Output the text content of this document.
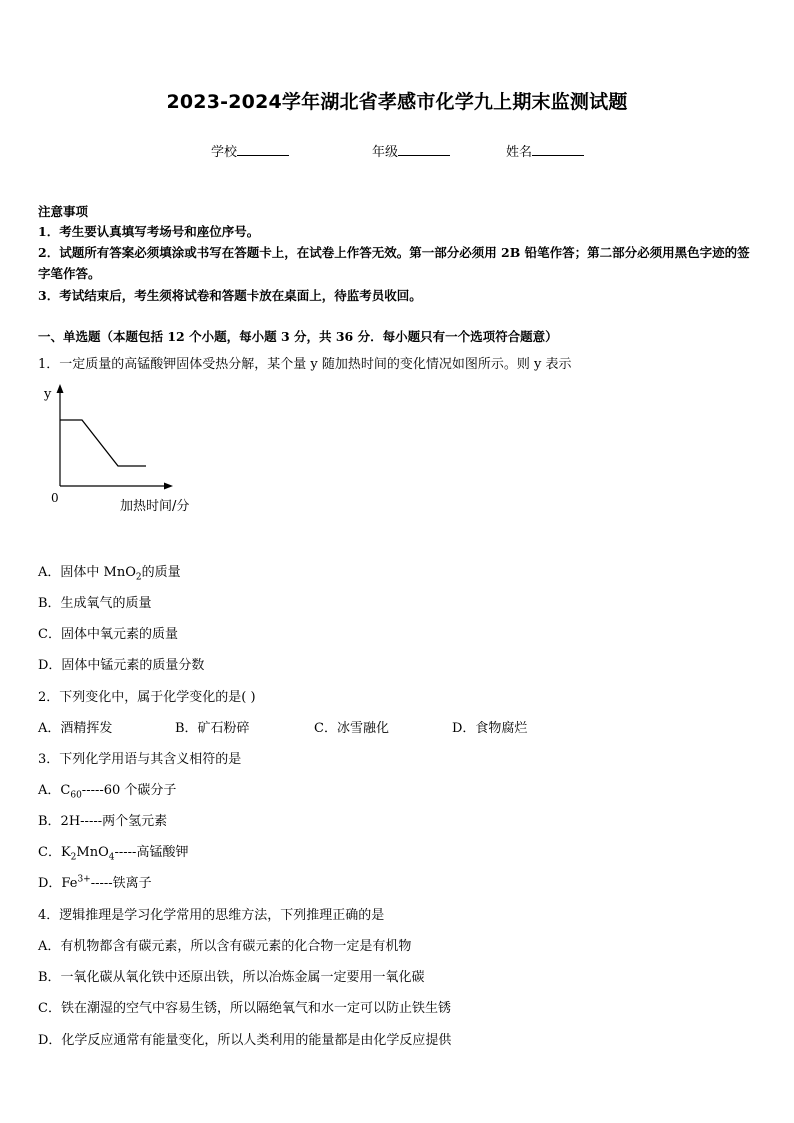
2023-2024学年湖北省孝感市化学九上期末监测试题
学校	年级	姓名
注意事项
1．考生要认真填写考场号和座位序号。
2．试题所有答案必须填涂或书写在答题卡上，在试卷上作答无效。第一部分必须用 2B 铅笔作答；第二部分必须用黑色字迹的签字笔作答。
3．考试结束后，考生须将试卷和答题卡放在桌面上，待监考员收回。
一、单选题（本题包括 12 个小题，每小题 3 分，共 36 分．每小题只有一个选项符合题意）
1．一定质量的高锰酸钾固体受热分解，某个量 y 随加热时间的变化情况如图所示。则 y 表示
y
0
加热时间/分
A．固体中 MnO$_2$的质量
B．生成氧气的质量
C．固体中氧元素的质量
D．固体中锰元素的质量分数
2．下列变化中，属于化学变化的是( )
A．酒精挥发	B．矿石粉碎	C．冰雪融化	D．食物腐烂
3．下列化学用语与其含义相符的是
A．$C_{60}-----60$ 个碳分子
B．2H-----两个氢元素
C．$K_2MnO_4-----$高锰酸钾
D．$Fe^{3+}-----$铁离子
4．逻辑推理是学习化学常用的思维方法，下列推理正确的是
A．有机物都含有碳元素，所以含有碳元素的化合物一定是有机物
B．一氧化碳从氧化铁中还原出铁，所以冶炼金属一定要用一氧化碳
C．铁在潮湿的空气中容易生锈，所以隔绝氧气和水一定可以防止铁生锈
D．化学反应通常有能量变化，所以人类利用的能量都是由化学反应提供
